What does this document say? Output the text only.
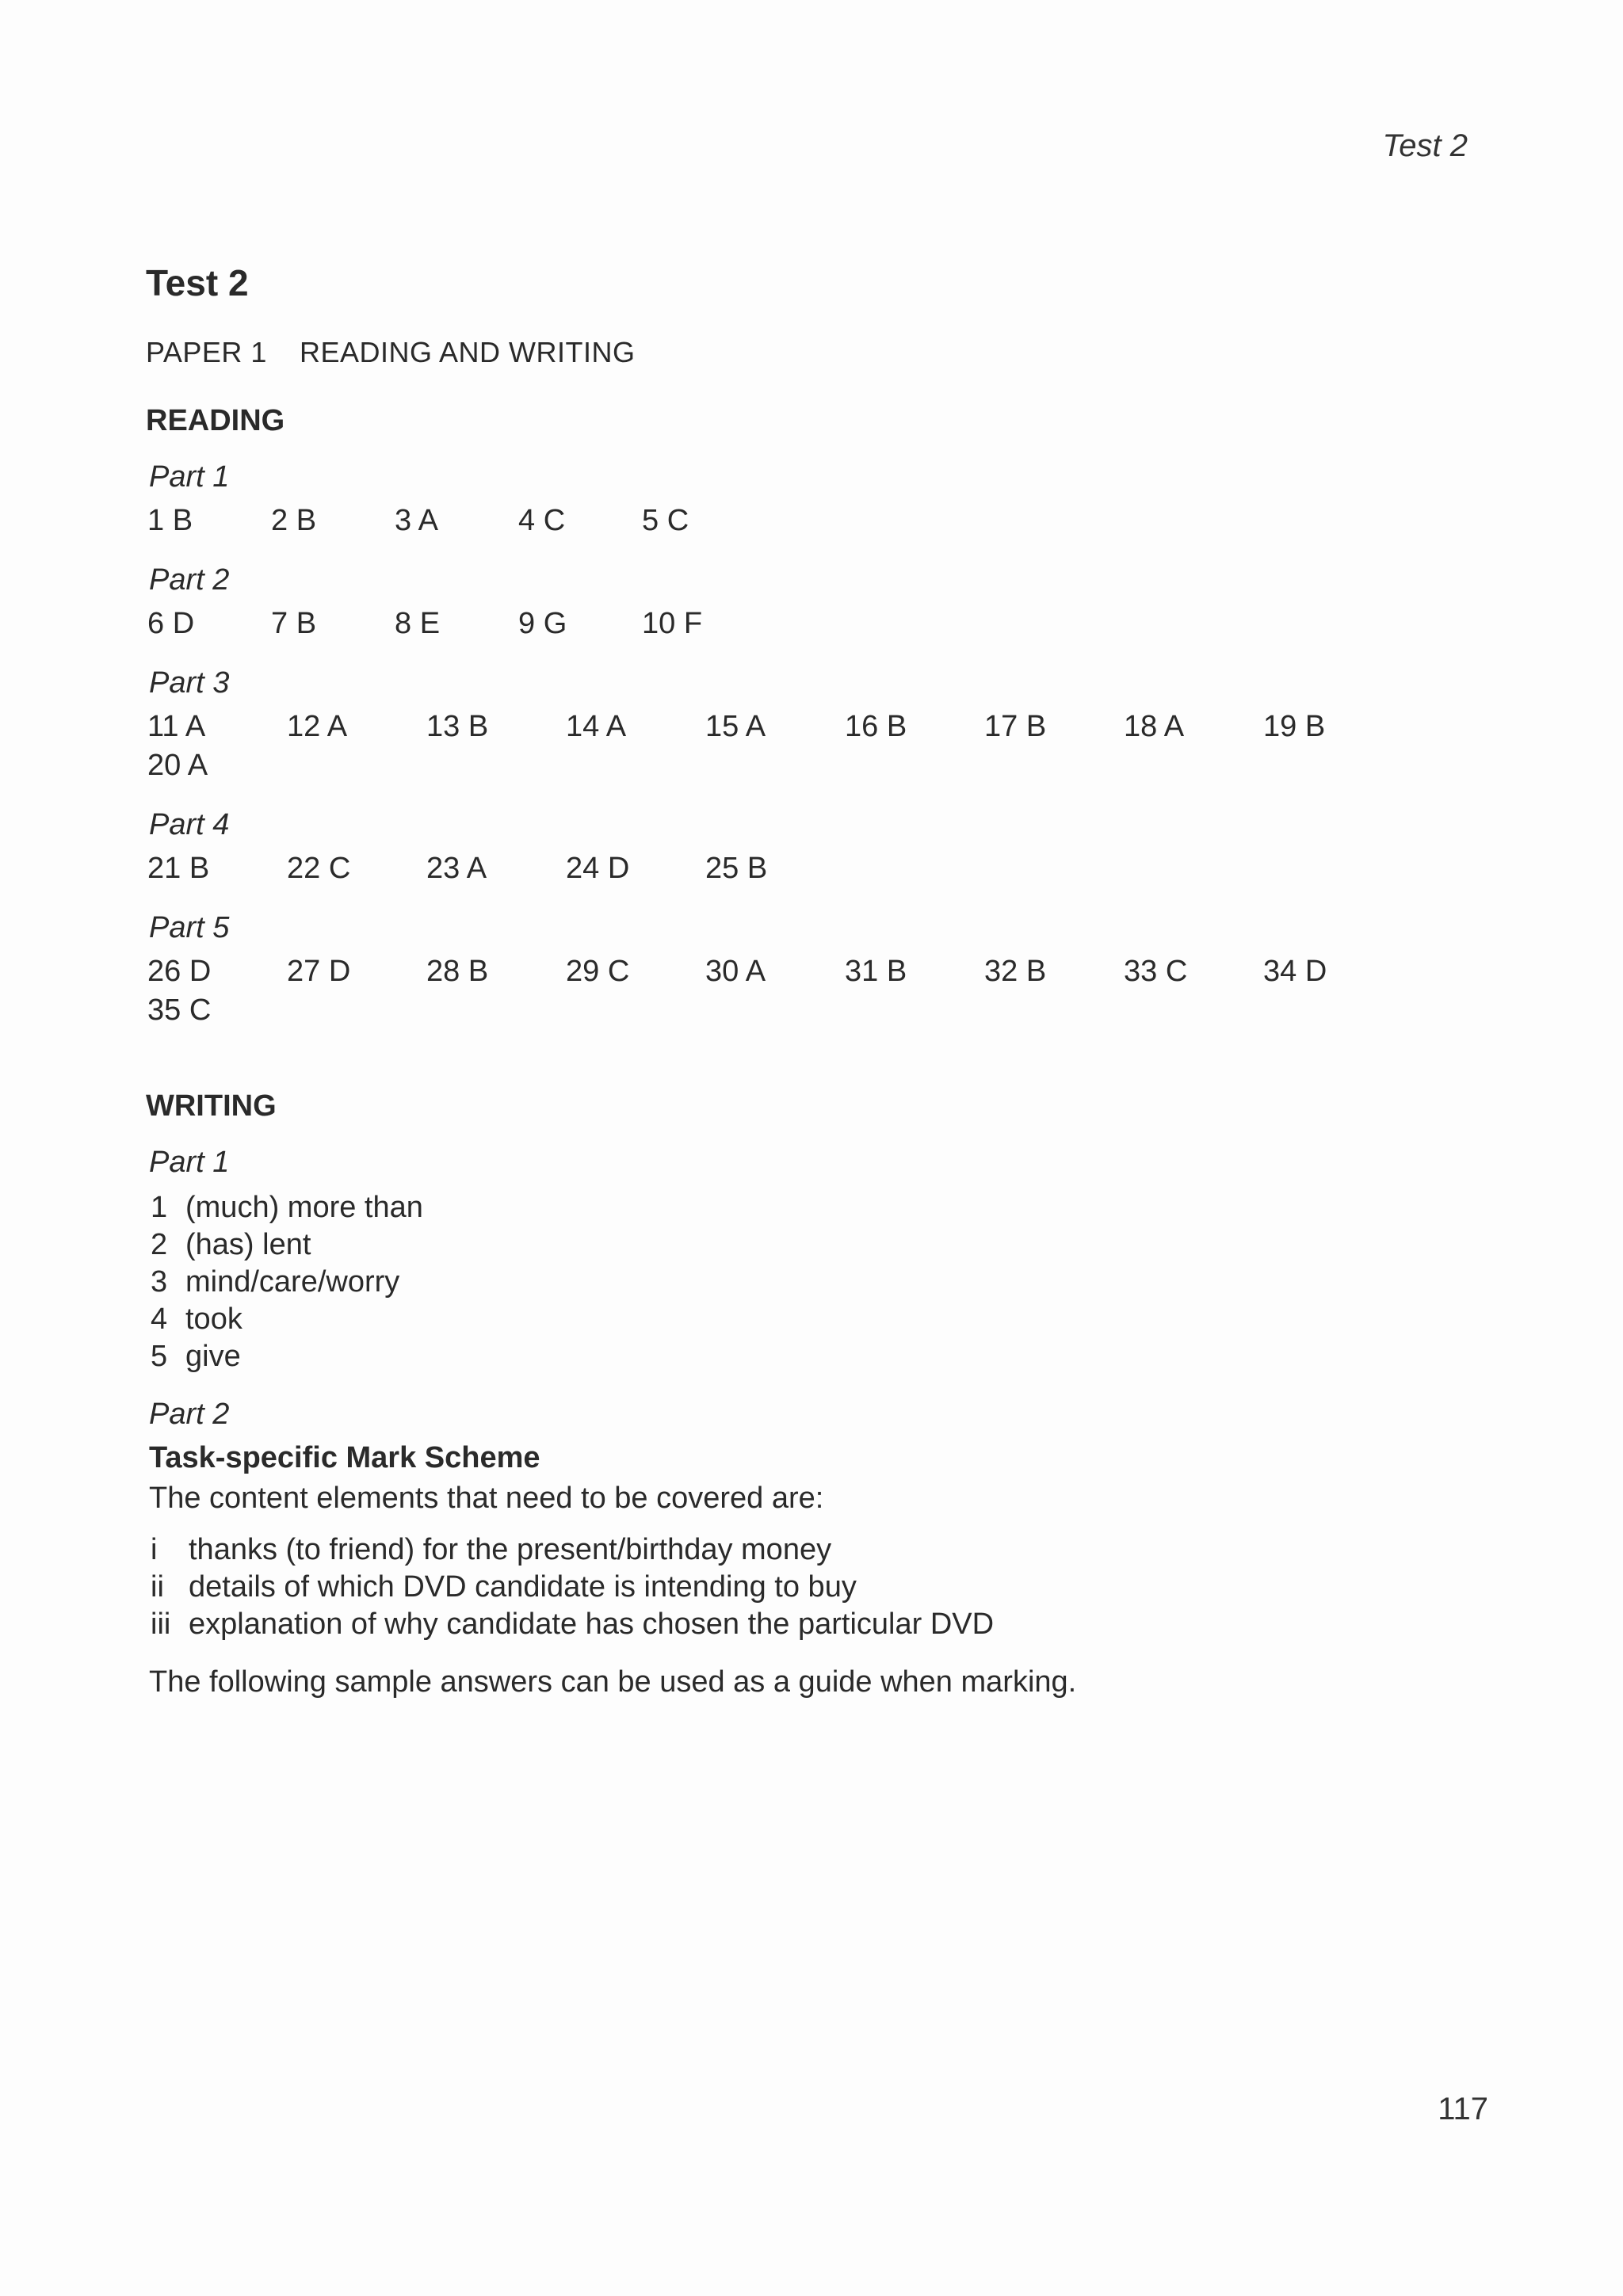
Test 2
Test 2
PAPER 1	READING AND WRITING
READING
Part 1
1 B	2 B	3 A	4 C	5 C
Part 2
6 D	7 B	8 E	9 G	10 F
Part 3
11 A	12 A	13 B	14 A	15 A	16 B	17 B	18 A	19 B
20 A
Part 4
21 B	22 C	23 A	24 D	25 B
Part 5
26 D	27 D	28 B	29 C	30 A	31 B	32 B	33 C	34 D
35 C
WRITING
Part 1
1 (much) more than
2 (has) lent
3 mind/care/worry
4 took
5 give
Part 2
Task-specific Mark Scheme
The content elements that need to be covered are:
i	thanks (to friend) for the present/birthday money
ii details of which DVD candidate is intending to buy
iii explanation of why candidate has chosen the particular DVD
The following sample answers can be used as a guide when marking.
117
